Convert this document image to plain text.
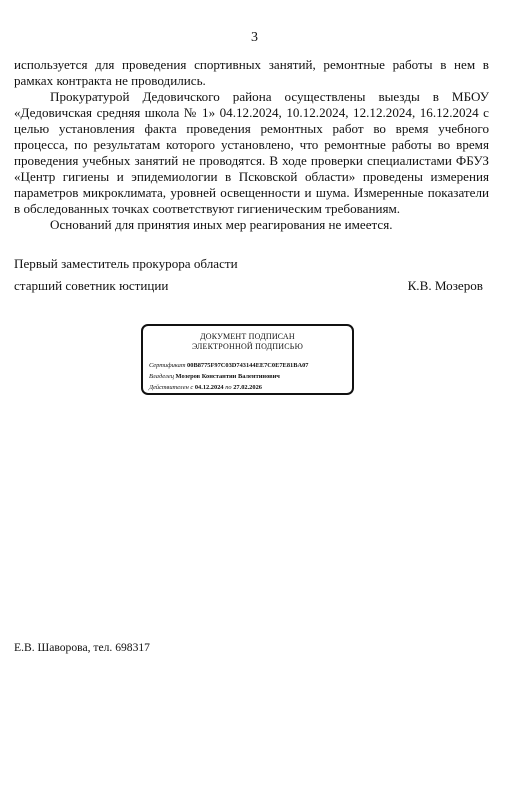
3

используется для проведения спортивных занятий, ремонтные работы в нем в рамках контракта не проводились.

Прокуратурой Дедовичского района осуществлены выезды в МБОУ «Дедовичская средняя школа № 1» 04.12.2024, 10.12.2024, 12.12.2024, 16.12.2024 с целью установления факта проведения ремонтных работ во время учебного процесса, по результатам которого установлено, что ремонтные работы во время проведения учебных занятий не проводятся. В ходе проверки специалистами ФБУЗ «Центр гигиены и эпидемиологии в Псковской области» проведены измерения параметров микроклимата, уровней освещенности и шума. Измеренные показатели в обследованных точках соответствуют гигиеническим требованиям.

Оснований для принятия иных мер реагирования не имеется.

Первый заместитель прокурора области
старший советник юстиции	К.В. Мозеров
ДОКУМЕНТ ПОДПИСАН
ЭЛЕКТРОННОЙ ПОДПИСЬЮ
Сертификат 00B8775F97C03D743144EE7C0E7E81BA07
Владелец Мозеров Константин Валентинович
Действителен с 04.12.2024 по 27.02.2026
Е.В. Шаворова, тел. 698317
